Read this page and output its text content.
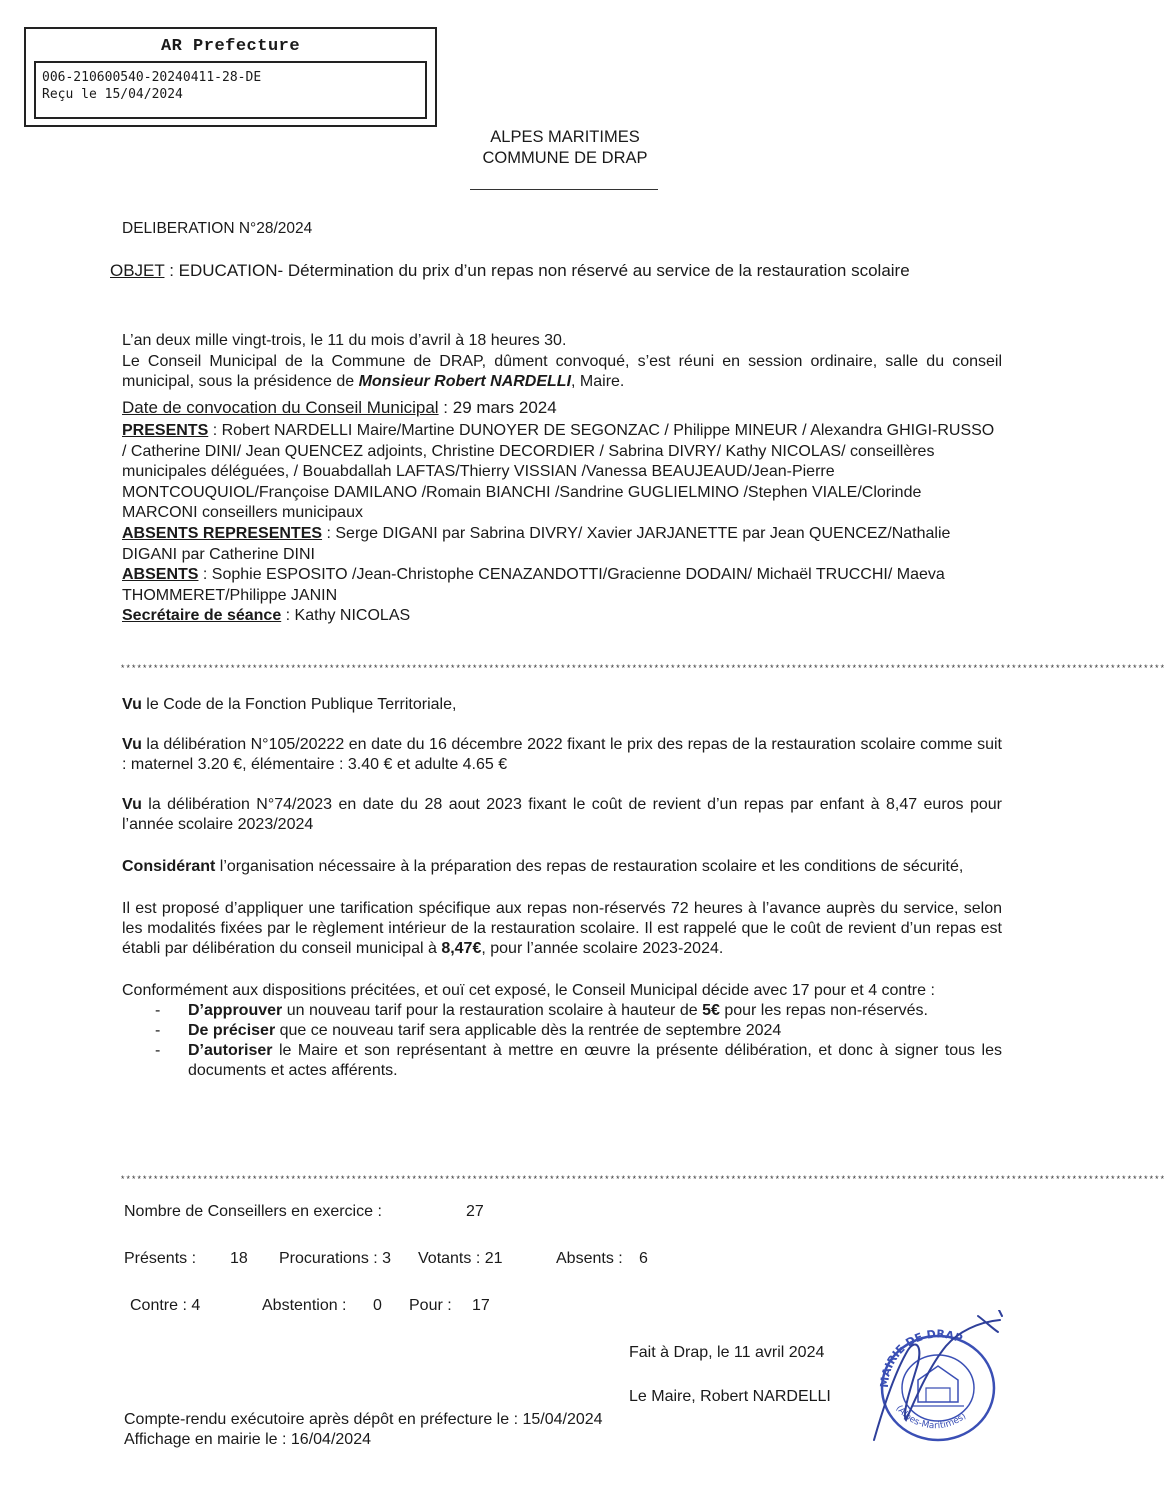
AR Prefecture
006-210600540-20240411-28-DE
Reçu le 15/04/2024
ALPES MARITIMES
COMMUNE DE DRAP
DELIBERATION N°28/2024
OBJET : EDUCATION- Détermination du prix d’un repas non réservé au service de la restauration scolaire
L’an deux mille vingt-trois, le 11 du mois d’avril à 18 heures 30.
Le Conseil Municipal de la Commune de DRAP, dûment convoqué, s’est réuni en session ordinaire, salle du conseil municipal, sous la présidence de Monsieur Robert NARDELLI, Maire.
Date de convocation du Conseil Municipal : 29 mars 2024
PRESENTS : Robert NARDELLI Maire/Martine DUNOYER DE SEGONZAC / Philippe MINEUR / Alexandra GHIGI-RUSSO / Catherine DINI/ Jean QUENCEZ adjoints, Christine DECORDIER / Sabrina DIVRY/ Kathy NICOLAS/ conseillères municipales déléguées, / Bouabdallah LAFTAS/Thierry VISSIAN /Vanessa BEAUJEAUD/Jean-Pierre MONTCOUQUIOL/Françoise DAMILANO /Romain BIANCHI /Sandrine GUGLIELMINO /Stephen VIALE/Clorinde MARCONI conseillers municipaux
ABSENTS REPRESENTES : Serge DIGANI par Sabrina DIVRY/ Xavier JARJANETTE par Jean QUENCEZ/Nathalie DIGANI par Catherine DINI
ABSENTS : Sophie ESPOSITO /Jean-Christophe CENAZANDOTTI/Gracienne DODAIN/ Michaël TRUCCHI/ Maeva THOMMERET/Philippe JANIN
Secrétaire de séance : Kathy NICOLAS
**********************************************************************************************************************************************************************************************
Vu le Code de la Fonction Publique Territoriale,
Vu la délibération N°105/20222 en date du 16 décembre 2022 fixant le prix des repas de la restauration scolaire comme suit : maternel 3.20 €, élémentaire : 3.40 € et adulte 4.65 €
Vu la délibération N°74/2023 en date du 28 aout 2023 fixant le coût de revient d’un repas par enfant à 8,47 euros pour l’année scolaire 2023/2024
Considérant l’organisation nécessaire à la préparation des repas de restauration scolaire et les conditions de sécurité,
Il est proposé d’appliquer une tarification spécifique aux repas non-réservés 72 heures à l’avance auprès du service, selon les modalités fixées par le règlement intérieur de la restauration scolaire. Il est rappelé que le coût de revient d’un repas est établi par délibération du conseil municipal à 8,47€, pour l’année scolaire 2023-2024.
Conformément aux dispositions précitées, et ouï cet exposé, le Conseil Municipal décide avec 17 pour et 4 contre :
- D’approuver un nouveau tarif pour la restauration scolaire à hauteur de 5€ pour les repas non-réservés.
- De préciser que ce nouveau tarif sera applicable dès la rentrée de septembre 2024
- D’autoriser le Maire et son représentant à mettre en œuvre la présente délibération, et donc à signer tous les documents et actes afférents.
**********************************************************************************************************************************************************************************************
Nombre de Conseillers en exercice :	27
Présents : 18 Procurations : 3 Votants : 21	Absents : 6
Contre : 4	Abstention : 0 Pour : 17
Fait à Drap, le 11 avril 2024
Le Maire, Robert NARDELLI
Compte-rendu exécutoire après dépôt en préfecture le : 15/04/2024
Affichage en mairie le : 16/04/2024
MAIRIE DE DRAP
(Alpes-Maritimes)
